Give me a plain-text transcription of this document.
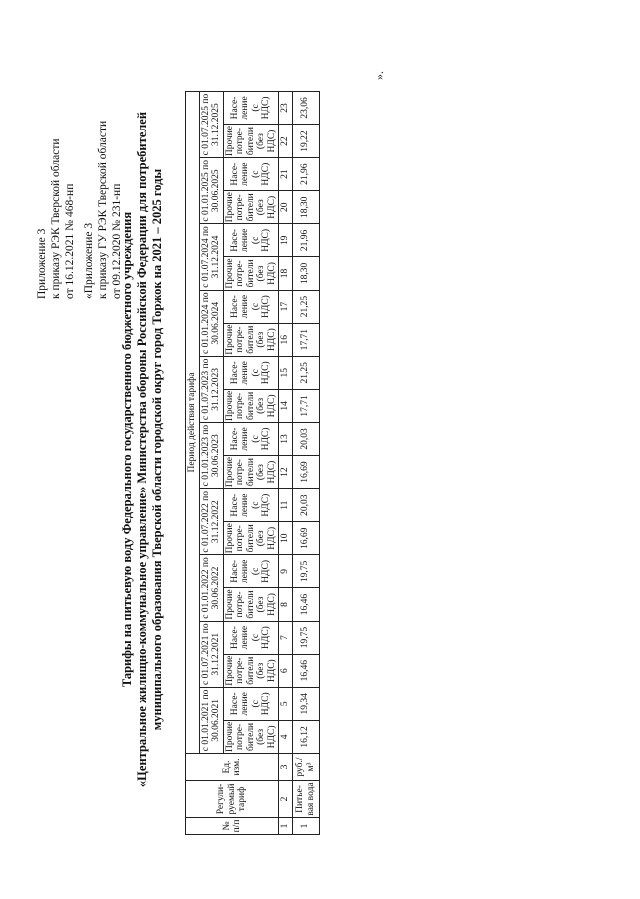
Приложение 3 к приказу РЭК Тверской области от 16.12.2021 № 468-нп «Приложение 3 к приказу ГУ РЭК Тверской области от 09.12.2020 № 231-нп
Тарифы на питьевую воду Федерального государственного бюджетного учреждения «Центральное жилищно-коммунальное управление» Министерства обороны Российской Федерации для потребителей муниципального образования Тверской области городской округ город Торжок на 2021 – 2025 годы
№ п/п	Регули-руемый тариф	Ед. изм.	Период действия тарифа																			
			с 01.01.2021 по 30.06.2021		с 01.07.2021 по 31.12.2021		с 01.01.2022 по 30.06.2022		с 01.07.2022 по 31.12.2022		с 01.01.2023 по 30.06.2023		с 01.07.2023 по 31.12.2023		с 01.01.2024 по 30.06.2024		с 01.07.2024 по 31.12.2024		с 01.01.2025 по 30.06.2025		с 01.07.2025 по 31.12.2025	
			Прочие потре-бители (без НДС)	Насе-ление (с НДС)	Прочие потре-бители (без НДС)	Насе-ление (с НДС)	Прочие потре-бители (без НДС)	Насе-ление (с НДС)	Прочие потре-бители (без НДС)	Насе-ление (с НДС)	Прочие потре-бители (без НДС)	Насе-ление (с НДС)	Прочие потре-бители (без НДС)	Насе-ление (с НДС)	Прочие потре-бители (без НДС)	Насе-ление (с НДС)	Прочие потре-бители (без НДС)	Насе-ление (с НДС)	Прочие потре-бители (без НДС)	Насе-ление (с НДС)	Прочие потре-бители (без НДС)	Насе-ление (с НДС)
1	2	3	4	5	6	7	8	9	10	11	12	13	14	15	16	17	18	19	20	21	22	23
1	Питье-вая вода	руб./м³	16,12	19,34	16,46	19,75	16,46	19,75	16,69	20,03	16,69	20,03	17,71	21,25	17,71	21,25	18,30	21,96	18,30	21,96	19,22	23,06
».
